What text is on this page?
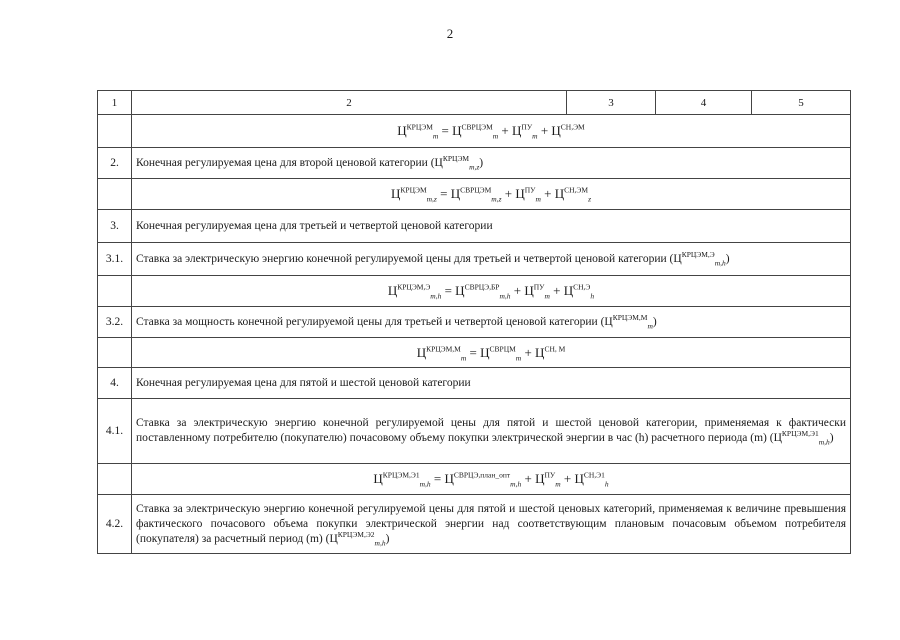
2
1	2	3	4	5
	$Ц^{КРЦЭМ}_m = Ц^{СВРЦЭМ}_m + Ц^{ПУ}_m + Ц^{СН,ЭМ}$
2.	Конечная регулируемая цена для второй ценовой категории $(Ц^{КРЦЭМ}_{m,z})$			
	$Ц^{КРЦЭМ}_{m,z} = Ц^{СВРЦЭМ}_{m,z} + Ц^{ПУ}_m + Ц^{СН,ЭМ}_z$
3.	Конечная регулируемая цена для третьей и четвертой ценовой категории			
3.1.	Ставка за электрическую энергию конечной регулируемой цены для третьей и четвертой ценовой категории $(Ц^{КРЦЭМ,Э}_{m,h})$			
	$Ц^{КРЦЭМ,Э}_{m,h} = Ц^{СВРЦЭ,БР}_{m,h} + Ц^{ПУ}_m + Ц^{СН,Э}_h$
3.2.	Ставка за мощность конечной регулируемой цены для третьей и четвертой ценовой категории $(Ц^{КРЦЭМ,М}_m)$			
	$Ц^{КРЦЭМ,М}_m = Ц^{СВРЦМ}_m + Ц^{СН, М}$
4.	Конечная регулируемая цена для пятой и шестой ценовой категории			
4.1.	Ставка за электрическую энергию конечной регулируемой цены для пятой и шестой ценовой категории, применяемая к фактически поставленному потребителю (покупателю) почасовому объему покупки электрической энергии в час (h) расчетного периода (m) $(Ц^{КРЦЭМ,Э1}_{m,h})$			
	$Ц^{КРЦЭМ,Э1}_{m,h} = Ц^{СВРЦЭ,план\_опт}_{m,h} + Ц^{ПУ}_m + Ц^{СН,Э1}_h$
4.2.	Ставка за электрическую энергию конечной регулируемой цены для пятой и шестой ценовых категорий, применяемая к величине превышения фактического почасового объема покупки электрической энергии над соответствующим плановым почасовым объемом потребителя (покупателя) за расчетный период (m) $(Ц^{КРЦЭМ,Э2}_{m,h})$			
